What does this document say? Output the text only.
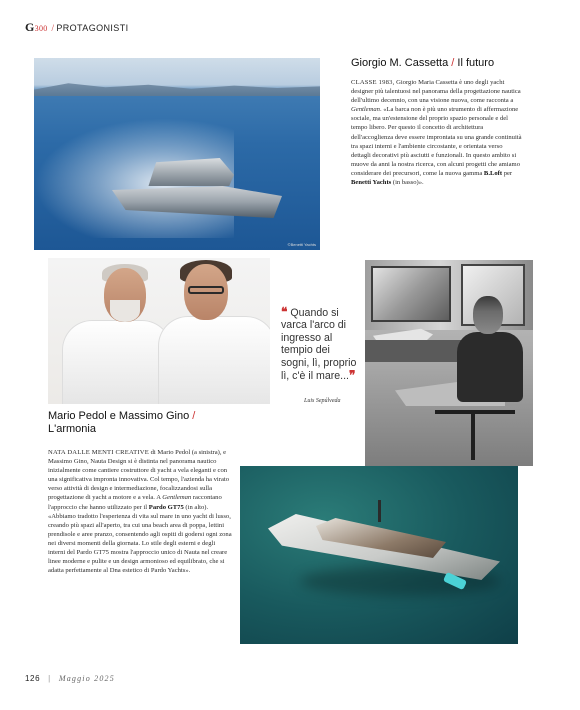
G300 / PROTAGONISTI
©Benetti Yachts
Giorgio M. Cassetta / Il futuro
CLASSE 1983, Giorgio Maria Cassetta è uno degli yacht designer più talentuosi nel panorama della progettazione nautica dell'ultimo decennio, con una visione nuova, come racconta a Gentleman. «La barca non è più uno strumento di affermazione sociale, ma un'estensione del proprio spazio personale e del tempo libero. Per questo il concetto di architettura dell'accoglienza deve essere improntata su una grande continuità tra spazi interni e l'ambiente circostante, e orientata verso dettagli decorativi più asciutti e funzionali. In questo ambito si muove da anni la nostra ricerca, con alcuni progetti che amiamo considerare dei precursori, come la nuova gamma B.Loft per Benetti Yachts (in basso)».
❝ Quando si varca l'arco di ingresso al tempio dei sogni, lì, proprio lì, c'è il mare...❞
Luis Sepúlveda
Mario Pedol e Massimo Gino /
L'armonia
NATA DALLE MENTI CREATIVE di Mario Pedol (a sinistra), e Massimo Gino, Nauta Design si è distinta nel panorama nautico inizialmente come cantiere costruttore di yacht a vela eleganti e con una significativa impronta innovativa. Col tempo, l'azienda ha virato verso attività di design e intermediazione, focalizzandosi sulla progettazione di yacht a motore e a vela. A Gentleman raccontano l'approccio che hanno utilizzato per il Pardo GT75 (in alto). «Abbiamo tradotto l'esperienza di vita sul mare in uno yacht di lusso, creando più spazi all'aperto, tra cui una beach area di poppa, lettini prendisole e aree pranzo, consentendo agli ospiti di godersi ogni zona nei diversi momenti della giornata. Lo stile degli esterni e degli interni del Pardo GT75 mostra l'approccio unico di Nauta nel creare linee moderne e pulite e un design armonioso ed equilibrato, che si adatta perfettamente al Dna estetico di Pardo Yachts».
126 | Maggio 2025
